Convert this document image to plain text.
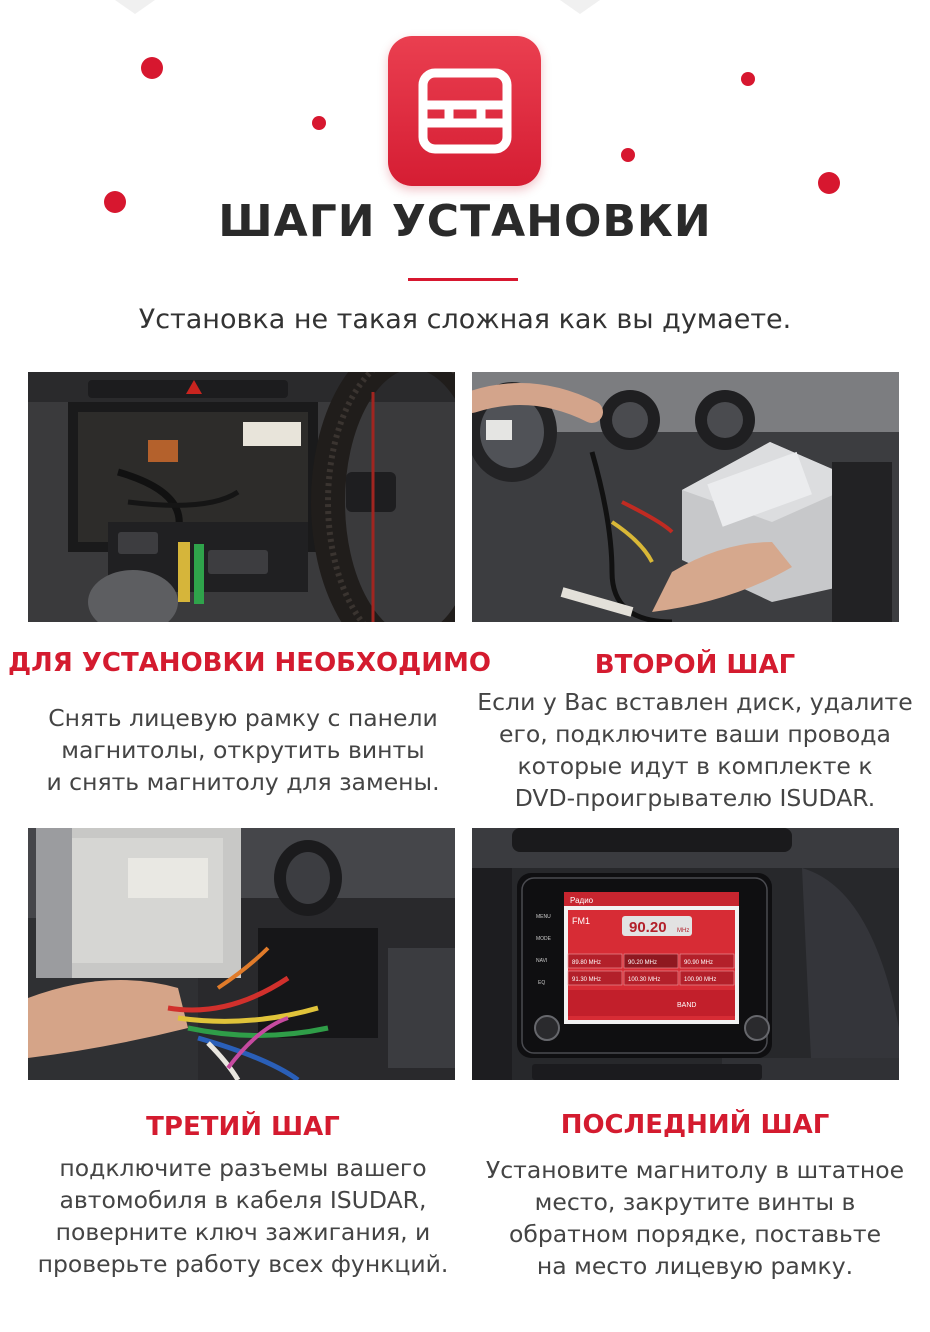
ШАГИ УСТАНОВКИ
Установка не такая сложная как вы думаете.
ДЛЯ УСТАНОВКИ НЕОБХОДИМО
Снять лицевую рамку с панели
магнитолы, открутить винты
и снять магнитолу для замены.
ВТОРОЙ ШАГ
Если у Вас вставлен диск, удалите
его, подключите ваши провода
которые идут в комплекте к
DVD-проигрывателю ISUDAR.
Радио
FM1	90.20 MHz
89.80 MHz	90.20 MHz	90.90 MHz
91.30 MHz	100.30 MHz	100.90 MHz
BAND
MENU
MODE
NAVI
EQ
ТРЕТИЙ ШАГ
подключите разъемы вашего
автомобиля в кабеля ISUDAR,
поверните ключ зажигания, и
проверьте работу всех функций.
ПОСЛЕДНИЙ ШАГ
Установите магнитолу в штатное
место, закрутите винты в
обратном порядке, поставьте
на место лицевую рамку.
